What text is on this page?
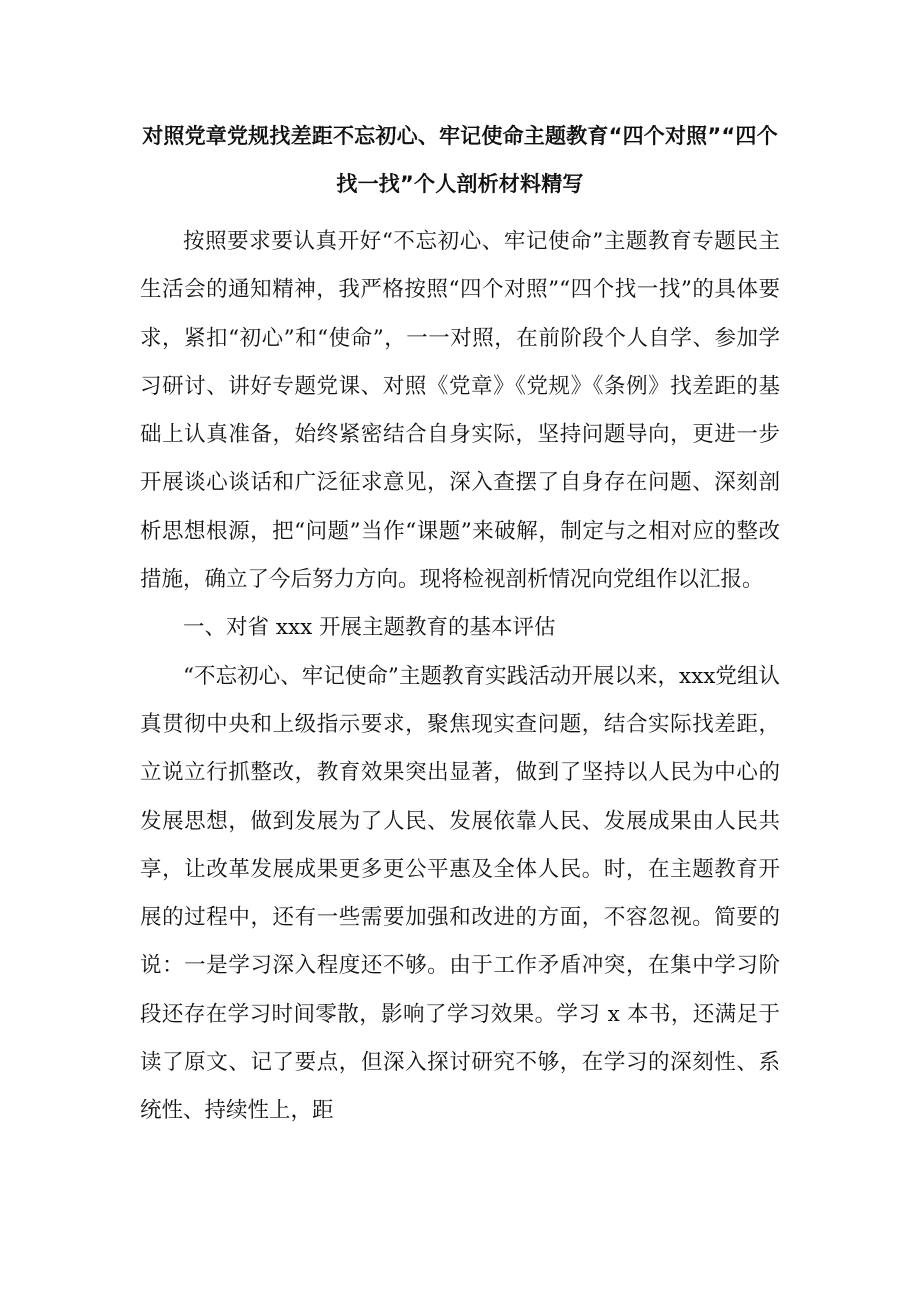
对照党章党规找差距不忘初心、牢记使命主题教育“四个对照”“四个找一找”个人剖析材料精写

按照要求要认真开好“不忘初心、牢记使命”主题教育专题民主生活会的通知精神，我严格按照“四个对照”“四个找一找”的具体要求，紧扣“初心”和“使命”，一一对照，在前阶段个人自学、参加学习研讨、讲好专题党课、对照《党章》《党规》《条例》找差距的基础上认真准备，始终紧密结合自身实际，坚持问题导向，更进一步开展谈心谈话和广泛征求意见，深入查摆了自身存在问题、深刻剖析思想根源，把“问题”当作“课题”来破解，制定与之相对应的整改措施，确立了今后努力方向。现将检视剖析情况向党组作以汇报。

一、对省 xxx 开展主题教育的基本评估

“不忘初心、牢记使命”主题教育实践活动开展以来，xxx党组认真贯彻中央和上级指示要求，聚焦现实查问题，结合实际找差距，立说立行抓整改，教育效果突出显著，做到了坚持以人民为中心的发展思想，做到发展为了人民、发展依靠人民、发展成果由人民共享，让改革发展成果更多更公平惠及全体人民。时，在主题教育开展的过程中，还有一些需要加强和改进的方面，不容忽视。简要的说：一是学习深入程度还不够。由于工作矛盾冲突，在集中学习阶段还存在学习时间零散，影响了学习效果。学习 x 本书，还满足于读了原文、记了要点，但深入探讨研究不够，在学习的深刻性、系统性、持续性上，距
